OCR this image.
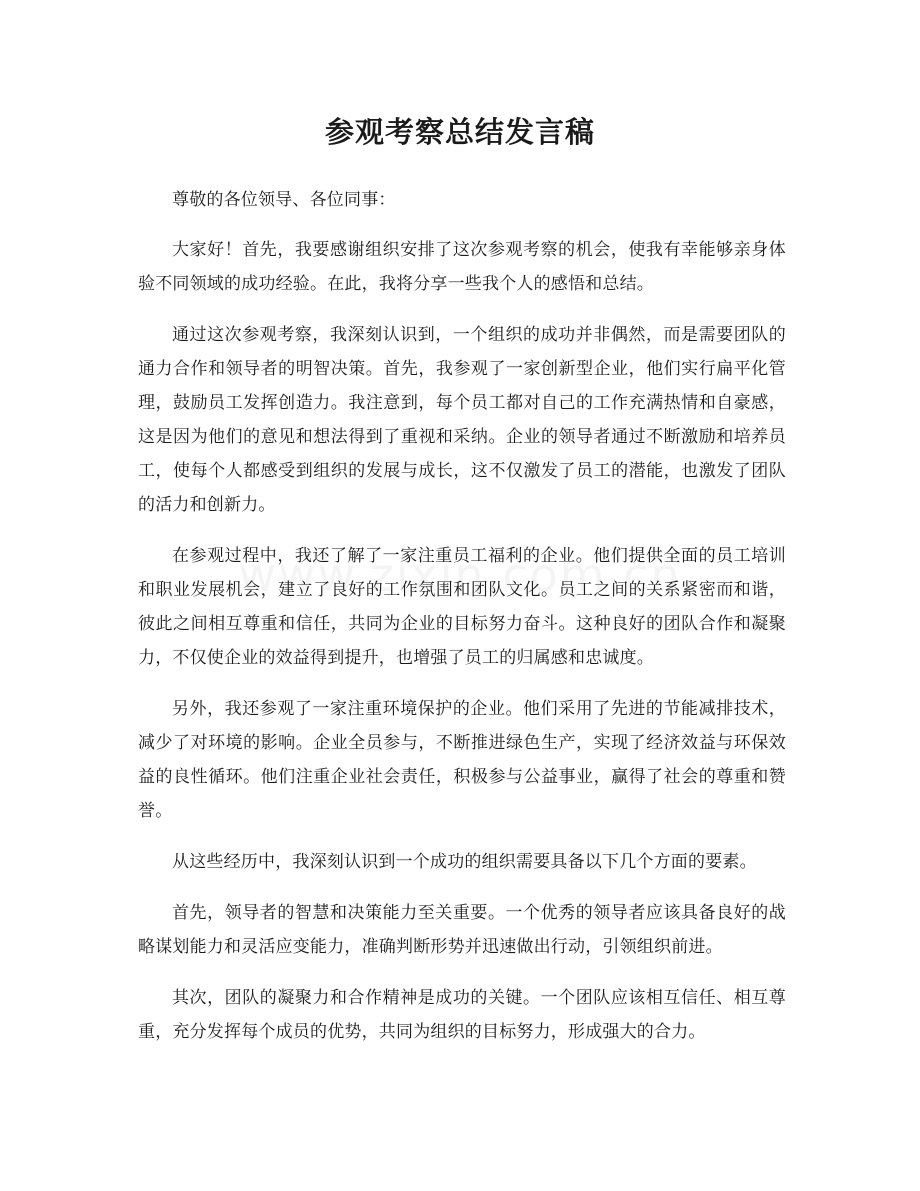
参观考察总结发言稿

尊敬的各位领导、各位同事：

大家好！首先，我要感谢组织安排了这次参观考察的机会，使我有幸能够亲身体验不同领域的成功经验。在此，我将分享一些我个人的感悟和总结。

通过这次参观考察，我深刻认识到，一个组织的成功并非偶然，而是需要团队的通力合作和领导者的明智决策。首先，我参观了一家创新型企业，他们实行扁平化管理，鼓励员工发挥创造力。我注意到，每个员工都对自己的工作充满热情和自豪感，这是因为他们的意见和想法得到了重视和采纳。企业的领导者通过不断激励和培养员工，使每个人都感受到组织的发展与成长，这不仅激发了员工的潜能，也激发了团队的活力和创新力。

在参观过程中，我还了解了一家注重员工福利的企业。他们提供全面的员工培训和职业发展机会，建立了良好的工作氛围和团队文化。员工之间的关系紧密而和谐，彼此之间相互尊重和信任，共同为企业的目标努力奋斗。这种良好的团队合作和凝聚力，不仅使企业的效益得到提升，也增强了员工的归属感和忠诚度。

另外，我还参观了一家注重环境保护的企业。他们采用了先进的节能减排技术，减少了对环境的影响。企业全员参与，不断推进绿色生产，实现了经济效益与环保效益的良性循环。他们注重企业社会责任，积极参与公益事业，赢得了社会的尊重和赞誉。

从这些经历中，我深刻认识到一个成功的组织需要具备以下几个方面的要素。

首先，领导者的智慧和决策能力至关重要。一个优秀的领导者应该具备良好的战略谋划能力和灵活应变能力，准确判断形势并迅速做出行动，引领组织前进。

其次，团队的凝聚力和合作精神是成功的关键。一个团队应该相互信任、相互尊重，充分发挥每个成员的优势，共同为组织的目标努力，形成强大的合力。
